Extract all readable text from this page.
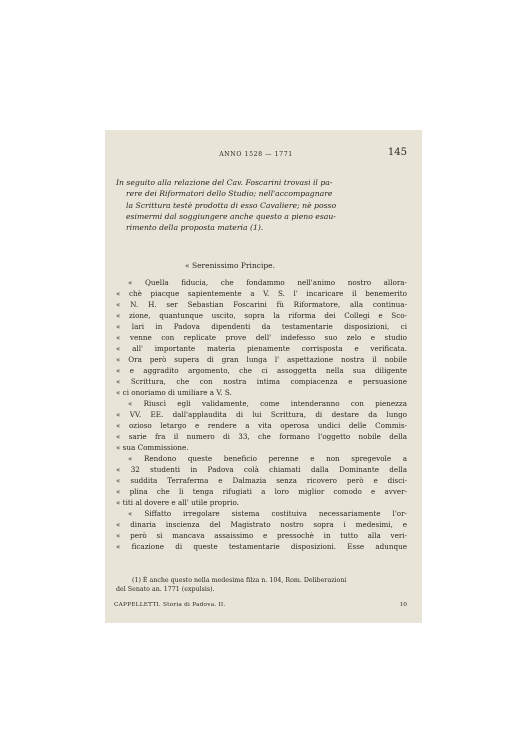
ANNO 1528 — 1771	145
In seguito alla relazione del Cav. Foscarini trovasi il pa-
rere dei Riformatori dello Studio; nell'accompagnare
la Scrittura testè prodotta di esso Cavaliere; nè posso
esimermi dal soggiungere anche questo a pieno esau-
rimento della proposta materia (1).
« Serenissimo Principe.
« Quella fiducia, che fondammo nell'animo nostro allora-
« chè piacque sapientemente a V. S. l' incaricare il benemerito
« N. H. ser Sebastian Foscarini fù Riformatore, alla continua-
« zione, quantunque uscito, sopra la riforma dei Collegi e Sco-
« lari in Padova dipendenti da testamentarie disposizioni, ci
« venne con replicate prove dell' indefesso suo zelo e studio
« all' importante materia pienamente corrisposta e verificata.
« Ora però supera di gran lunga l' aspettazione nostra il nobile
« e aggradito argomento, che ci assoggetta nella sua diligente
« Scrittura, che con nostra intima compiacenza e persuasione
« ci onoriamo di umiliare a V. S.
« Riuscì egli validamente, come intenderanno con pienezza
« VV. EE. dall'applaudita di lui Scrittura, di destare da lungo
« ozioso letargo e rendere a vita operosa undici delle Commis-
« sarie fra il numero di 33, che formano l'oggetto nobile della
« sua Commissione.
« Rendono queste beneficio perenne e non spregevole a
« 32 studenti in Padova colà chiamati dalla Dominante della
« suddita Terraferma e Dalmazia senza ricovero però e disci-
« plina che li tenga rifugiati a loro miglior comodo e avver-
« titi al dovere e all' utile proprio.
« Siffatto irregolare sistema costituiva necessariamente l'or-
« dinaria inscienza del Magistrato nostro sopra i medesimi, e
« però si mancava assaissimo e pressochè in tutto alla veri-
« ficazione di queste testamentarie disposizioni. Esse adunque
(1) È anche questo nella medesima filza n. 104, Rom. Deliberazioni
del Senato an. 1771 (expulsis).
CAPPELLETTI. Storia di Padova. II.	10
